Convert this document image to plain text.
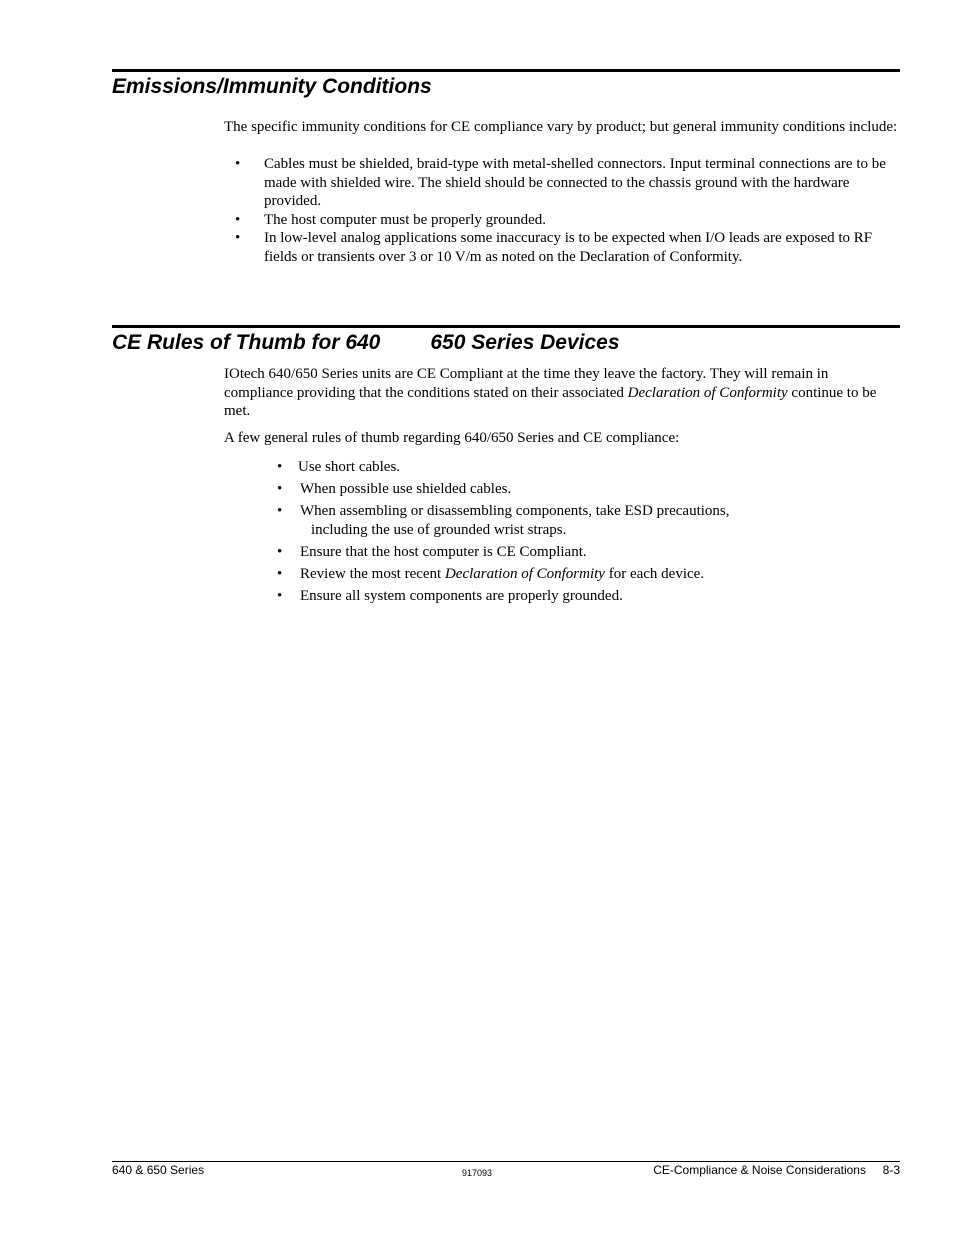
Emissions/Immunity Conditions

The specific immunity conditions for CE compliance vary by product; but general immunity conditions include:

• Cables must be shielded, braid-type with metal-shelled connectors. Input terminal connections are to be made with shielded wire. The shield should be connected to the chassis ground with the hardware provided.
• The host computer must be properly grounded.
• In low-level analog applications some inaccuracy is to be expected when I/O leads are exposed to RF fields or transients over 3 or 10 V/m as noted on the Declaration of Conformity.
CE Rules of Thumb for 640 650 Series Devices

IOtech 640/650 Series units are CE Compliant at the time they leave the factory. They will remain in compliance providing that the conditions stated on their associated Declaration of Conformity continue to be met.

A few general rules of thumb regarding 640/650 Series and CE compliance:

• Use short cables.
• When possible use shielded cables.
• When assembling or disassembling components, take ESD precautions,
including the use of grounded wrist straps.
• Ensure that the host computer is CE Compliant.
• Review the most recent Declaration of Conformity for each device.
• Ensure all system components are properly grounded.
640 & 650 Series	917093	CE-Compliance & Noise Considerations     8-3
